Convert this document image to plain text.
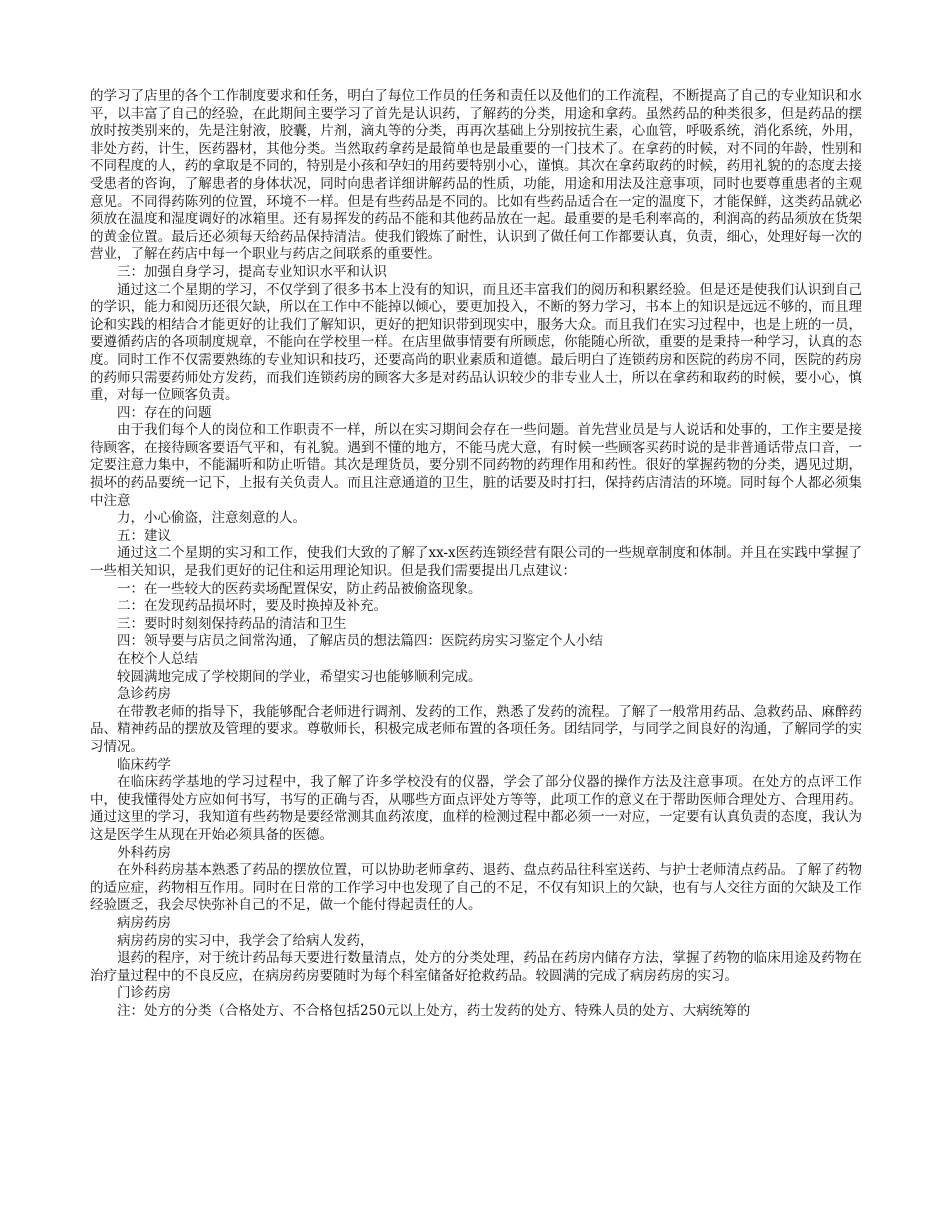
的学习了店里的各个工作制度要求和任务，明白了每位工作员的任务和责任以及他们的工作流程，不断提高了自己的专业知识和水平，以丰富了自己的经验，在此期间主要学习了首先是认识药，了解药的分类，用途和拿药。虽然药品的种类很多，但是药品的摆放时按类别来的，先是注射液，胶囊，片剂，滴丸等的分类，再再次基础上分别按抗生素，心血管，呼吸系统，消化系统，外用，非处方药，计生，医药器材，其他分类。当然取药拿药是最简单也是最重要的一门技术了。在拿药的时候，对不同的年龄，性别和不同程度的人，药的拿取是不同的，特别是小孩和孕妇的用药要特别小心，谨慎。其次在拿药取药的时候，药用礼貌的的态度去接受患者的咨询，了解患者的身体状况，同时向患者详细讲解药品的性质，功能，用途和用法及注意事项，同时也要尊重患者的主观意见。不同得药陈列的位置，环境不一样。但是有些药品是不同的。比如有些药品适合在一定的温度下，才能保鲜，这类药品就必须放在温度和湿度调好的冰箱里。还有易挥发的药品不能和其他药品放在一起。最重要的是毛利率高的，利润高的药品须放在货架的黄金位置。最后还必须每天给药品保持清洁。使我们锻炼了耐性，认识到了做任何工作都要认真，负责，细心，处理好每一次的营业，了解在药店中每一个职业与药店之间联系的重要性。

三：加强自身学习，提高专业知识水平和认识

通过这二个星期的学习，不仅学到了很多书本上没有的知识，而且还丰富我们的阅历和积累经验。但是还是使我们认识到自己的学识，能力和阅历还很欠缺，所以在工作中不能掉以倾心，要更加投入，不断的努力学习，书本上的知识是远远不够的，而且理论和实践的相结合才能更好的让我们了解知识，更好的把知识带到现实中，服务大众。而且我们在实习过程中，也是上班的一员，要遵循药店的各项制度规章，不能向在学校里一样。在店里做事情要有所顾虑，你能随心所欲，重要的是秉持一种学习，认真的态度。同时工作不仅需要熟练的专业知识和技巧，还要高尚的职业素质和道德。最后明白了连锁药房和医院的药房不同，医院的药房的药师只需要药师处方发药，而我们连锁药房的顾客大多是对药品认识较少的非专业人士，所以在拿药和取药的时候，要小心，慎重，对每一位顾客负责。

四：存在的问题

由于我们每个人的岗位和工作职责不一样，所以在实习期间会存在一些问题。首先营业员是与人说话和处事的，工作主要是接待顾客，在接待顾客要语气平和，有礼貌。遇到不懂的地方，不能马虎大意，有时候一些顾客买药时说的是非普通话带点口音，一定要注意力集中，不能漏听和防止听错。其次是理货员，要分别不同药物的药理作用和药性。很好的掌握药物的分类，遇见过期，损坏的药品要统一记下，上报有关负责人。而且注意通道的卫生，脏的话要及时打扫，保持药店清洁的环境。同时每个人都必须集中注意

力，小心偷盗，注意刻意的人。

五：建议

通过这二个星期的实习和工作，使我们大致的了解了xx-x医药连锁经营有限公司的一些规章制度和体制。并且在实践中掌握了一些相关知识，是我们更好的记住和运用理论知识。但是我们需要提出几点建议：

一：在一些较大的医药卖场配置保安，防止药品被偷盗现象。

二：在发现药品损坏时，要及时换掉及补充。

三：要时时刻刻保持药品的清洁和卫生

四：领导要与店员之间常沟通，了解店员的想法篇四：医院药房实习鉴定个人小结

在校个人总结

较圆满地完成了学校期间的学业，希望实习也能够顺利完成。

急诊药房

在带教老师的指导下，我能够配合老师进行调剂、发药的工作，熟悉了发药的流程。了解了一般常用药品、急救药品、麻醉药品、精神药品的摆放及管理的要求。尊敬师长，积极完成老师布置的各项任务。团结同学，与同学之间良好的沟通，了解同学的实习情况。

临床药学

在临床药学基地的学习过程中，我了解了许多学校没有的仪器，学会了部分仪器的操作方法及注意事项。在处方的点评工作中，使我懂得处方应如何书写，书写的正确与否，从哪些方面点评处方等等，此项工作的意义在于帮助医师合理处方、合理用药。通过这里的学习，我知道有些药物是要经常测其血药浓度，血样的检测过程中都必须一一对应，一定要有认真负责的态度，我认为这是医学生从现在开始必须具备的医德。

外科药房

在外科药房基本熟悉了药品的摆放位置，可以协助老师拿药、退药、盘点药品往科室送药、与护士老师清点药品。了解了药物的适应症，药物相互作用。同时在日常的工作学习中也发现了自己的不足，不仅有知识上的欠缺，也有与人交往方面的欠缺及工作经验匮乏，我会尽快弥补自己的不足，做一个能付得起责任的人。

病房药房

病房药房的实习中，我学会了给病人发药，

退药的程序，对于统计药品每天要进行数量清点，处方的分类处理，药品在药房内储存方法，掌握了药物的临床用途及药物在治疗量过程中的不良反应，在病房药房要随时为每个科室储备好抢救药品。较圆满的完成了病房药房的实习。

门诊药房

注：处方的分类（合格处方、不合格包括250元以上处方，药士发药的处方、特殊人员的处方、大病统筹的
